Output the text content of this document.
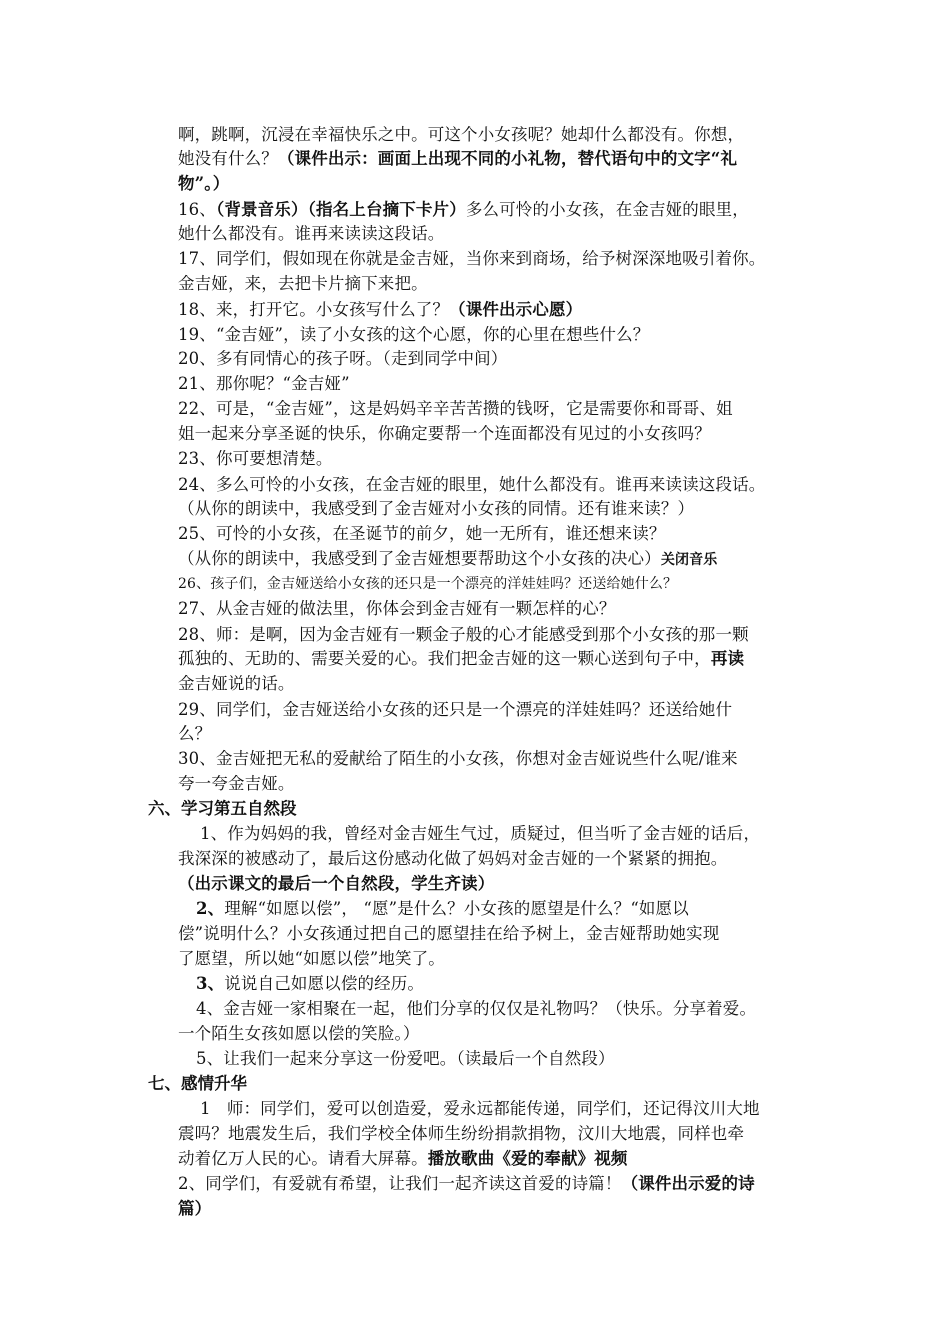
啊，跳啊，沉浸在幸福快乐之中。可这个小女孩呢？她却什么都没有。你想，
她没有什么？（课件出示：画面上出现不同的小礼物，替代语句中的文字“礼
物”。）
16、（背景音乐）（指名上台摘下卡片）多么可怜的小女孩，在金吉娅的眼里，
她什么都没有。谁再来读读这段话。
17、同学们，假如现在你就是金吉娅，当你来到商场，给予树深深地吸引着你。
金吉娅，来，去把卡片摘下来把。
18、来，打开它。小女孩写什么了？（课件出示心愿）
19、“金吉娅”，读了小女孩的这个心愿，你的心里在想些什么？
20、多有同情心的孩子呀。（走到同学中间）
21、那你呢？“金吉娅”
22、可是，“金吉娅”，这是妈妈辛辛苦苦攒的钱呀，它是需要你和哥哥、姐
姐一起来分享圣诞的快乐，你确定要帮一个连面都没有见过的小女孩吗？
23、你可要想清楚。
24、多么可怜的小女孩，在金吉娅的眼里，她什么都没有。谁再来读读这段话。
（从你的朗读中，我感受到了金吉娅对小女孩的同情。还有谁来读？）
25、可怜的小女孩，在圣诞节的前夕，她一无所有，谁还想来读？
（从你的朗读中，我感受到了金吉娅想要帮助这个小女孩的决心）关闭音乐
26、孩子们，金吉娅送给小女孩的还只是一个漂亮的洋娃娃吗？还送给她什么？
27、从金吉娅的做法里，你体会到金吉娅有一颗怎样的心？
28、师：是啊，因为金吉娅有一颗金子般的心才能感受到那个小女孩的那一颗
孤独的、无助的、需要关爱的心。我们把金吉娅的这一颗心送到句子中，再读
金吉娅说的话。
29、同学们，金吉娅送给小女孩的还只是一个漂亮的洋娃娃吗？还送给她什
么？
30、金吉娅把无私的爱献给了陌生的小女孩，你想对金吉娅说些什么呢/谁来
夸一夸金吉娅。
六、学习第五自然段
1、作为妈妈的我，曾经对金吉娅生气过，质疑过，但当听了金吉娅的话后，
我深深的被感动了，最后这份感动化做了妈妈对金吉娅的一个紧紧的拥抱。
（出示课文的最后一个自然段，学生齐读）
2、理解“如愿以偿”， “愿”是什么？小女孩的愿望是什么？“如愿以
偿”说明什么？小女孩通过把自己的愿望挂在给予树上，金吉娅帮助她实现
了愿望，所以她“如愿以偿”地笑了。
3、说说自己如愿以偿的经历。
4、金吉娅一家相聚在一起，他们分享的仅仅是礼物吗？（快乐。分享着爱。
一个陌生女孩如愿以偿的笑脸。）
5、让我们一起来分享这一份爱吧。（读最后一个自然段）
七、感情升华
1   师：同学们，爱可以创造爱，爱永远都能传递，同学们，还记得汶川大地
震吗？地震发生后，我们学校全体师生纷纷捐款捐物，汶川大地震，同样也牵
动着亿万人民的心。请看大屏幕。播放歌曲《爱的奉献》视频
2、同学们，有爱就有希望，让我们一起齐读这首爱的诗篇！（课件出示爱的诗
篇）
